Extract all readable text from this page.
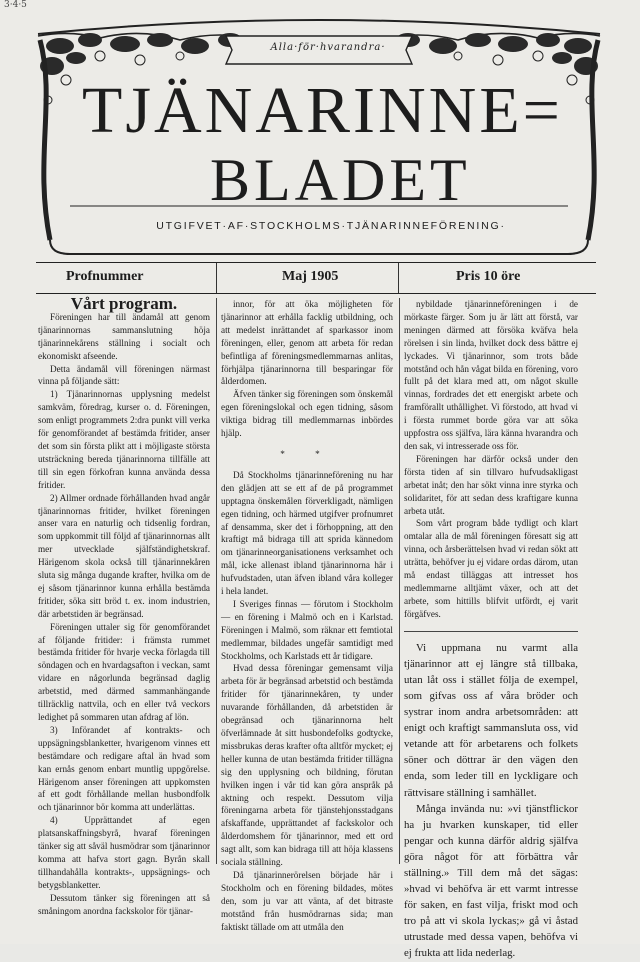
3·4·5
Alla·för·hvarandra·
TJÄNARINNE=
BLADET
UTGIFVET·AF·STOCKHOLMS·TJÄNARINNEFÖRENING·
Profnummer	Maj 1905	Pris 10 öre

Vårt program.

Föreningen har till ändamål att genom tjänarinnornas sammanslutning höja tjänarinnekårens ställning i socialt och ekonomiskt afseende.

Detta ändamål vill föreningen närmast vinna på följande sätt:

1) Tjänarinnornas upplysning medelst samkväm, föredrag, kurser o. d. Föreningen, som enligt programmets 2:dra punkt vill verka för genomförandet af bestämda fritider, anser det som sin första plikt att i möjligaste största utsträckning bereda tjänarinnorna tillfälle att till sin egen förkofran kunna använda dessa fritider.

2) Allmer ordnade förhållanden hvad angår tjänarinnornas fritider, hvilket föreningen anser vara en naturlig och tidsenlig fordran, som uppkommit till följd af tjänarinnornas allt mer utvecklade själfständighetskraf. Härigenom skola också till tjänarinnekåren sluta sig många dugande krafter, hvilka om de ej såsom tjänarinnor kunna erhålla bestämda fritider, söka sitt bröd t. ex. inom industrien, där arbetstiden är begränsad.

Föreningen uttaler sig för genomförandet af följande fritider: i främsta rummet bestämda fritider för hvarje vecka förlagda till söndagen och en hvardagsafton i veckan, samt vidare en någorlunda begränsad daglig arbetstid, med därmed sammanhängande tillräcklig nattvila, och en eller två veckors ledighet på sommaren utan afdrag af lön.

3) Införandet af kontrakts- och uppsägningsblanketter, hvarigenom vinnes ett bestämdare och redigare aftal än hvad som kan ernås genom enbart muntlig uppgörelse. Härigenom anser föreningen att uppkomsten af ett godt förhållande mellan husbondfolk och tjänarinnor bör komma att underlättas.

4) Upprättandet af egen platsanskaffningsbyrå, hvaraf föreningen tänker sig att såväl husmödrar som tjänarinnor komma att hafva stort gagn. Byrån skall tillhandahålla kontrakts-, uppsägnings- och betygsblanketter.

Dessutom tänker sig föreningen att så småningom anordna fackskolor för tjänar-

innor, för att öka möjligheten för tjänarinnor att erhålla facklig utbildning, och att medelst inrättandet af sparkassor inom föreningen, eller, genom att arbeta för redan befintliga af föreningsmedlemmarnas anlitas, förhjälpa tjänarinnorna till besparingar för ålderdomen.

Äfven tänker sig föreningen som önskemål egen föreningslokal och egen tidning, såsom viktiga bidrag till medlemmarnas inbördes hjälp.

* *

Då Stockholms tjänarinneförening nu har den glädjen att se ett af de på programmet upptagna önskemålen förverkligadt, nämligen egen tidning, och härmed utgifver profnumret af densamma, sker det i förhoppning, att den kraftigt må bidraga till att sprida kännedom om tjänarinneorganisationens verksamhet och mål, icke allenast ibland tjänarinnorna här i hufvudstaden, utan äfven ibland våra kolleger i hela landet.

I Sveriges finnas — förutom i Stockholm — en förening i Malmö och en i Karlstad. Föreningen i Malmö, som räknar ett femtiotal medlemmar, bildades ungefär samtidigt med Stockholms, och Karlstads ett år tidigare.

Hvad dessa föreningar gemensamt vilja arbeta för är begränsad arbetstid och bestämda fritider för tjänarinnekåren, ty under nuvarande förhållanden, då arbetstiden är obegränsad och tjänarinnorna helt öfverlämnade åt sitt husbondefolks godtycke, missbrukas deras krafter ofta alltför mycket; ej heller kunna de utan bestämda fritider tillägna sig den upplysning och bildning, förutan hvilken ingen i vår tid kan göra anspråk på aktning och respekt. Dessutom vilja föreningarna arbeta för tjänstehjonsstadgans afskaffande, upprättandet af fackskolor och ålderdomshem för tjänarinnor, med ett ord sagt allt, som kan bidraga till att höja klassens sociala ställning.

Då tjänarinnerörelsen började här i Stockholm och en förening bildades, mötes den, som ju var att vänta, af det bitraste motstånd från husmödrarnas sida; man faktiskt tällade om att utmåla den

nybildade tjänarinneföreningen i de mörkaste färger. Som ju är lätt att förstå, var meningen därmed att försöka kväfva hela rörelsen i sin linda, hvilket dock dess bättre ej lyckades. Vi tjänarinnor, som trots både motstånd och hån vågat bilda en förening, voro fullt på det klara med att, om något skulle vinnas, fordrades det ett energiskt arbete och framförallt uthållighet. Vi förstodo, att hvad vi i första rummet borde göra var att söka uppfostra oss själfva, lära känna hvarandra och den sak, vi intresserade oss för.

Föreningen har därför också under den första tiden af sin tillvaro hufvudsakligast arbetat inåt; den har sökt vinna inre styrka och solidaritet, för att sedan dess kraftigare kunna arbeta utåt.

Som vårt program både tydligt och klart omtalar alla de mål föreningen föresatt sig att vinna, och årsberättelsen hvad vi redan sökt att uträtta, behöfver ju ej vidare ordas därom, utan må endast tilläggas att intresset hos medlemmarne alltjämt växer, och att det arbete, som hittills blifvit utfördt, ej varit förgäfves.

Vi uppmana nu varmt alla tjänarinnor att ej längre stå tillbaka, utan låt oss i stället följa de exempel, som gifvas oss af våra bröder och systrar inom andra arbetsområden: att enigt och kraftigt sammansluta oss, vid vetande att för arbetarens och folkets söner och döttrar är den vägen den enda, som leder till en lyckligare och rättvisare ställning i samhället.

Många invända nu: »vi tjänstflickor ha ju hvarken kunskaper, tid eller pengar och kunna därför aldrig själfva göra något för att förbättra vår ställning.» Till dem må det sägas: »hvad vi behöfva är ett varmt intresse för saken, en fast vilja, friskt mod och tro på att vi skola lyckas;» gå vi åstad utrustade med dessa vapen, behöfva vi ej frukta att lida nederlag.
